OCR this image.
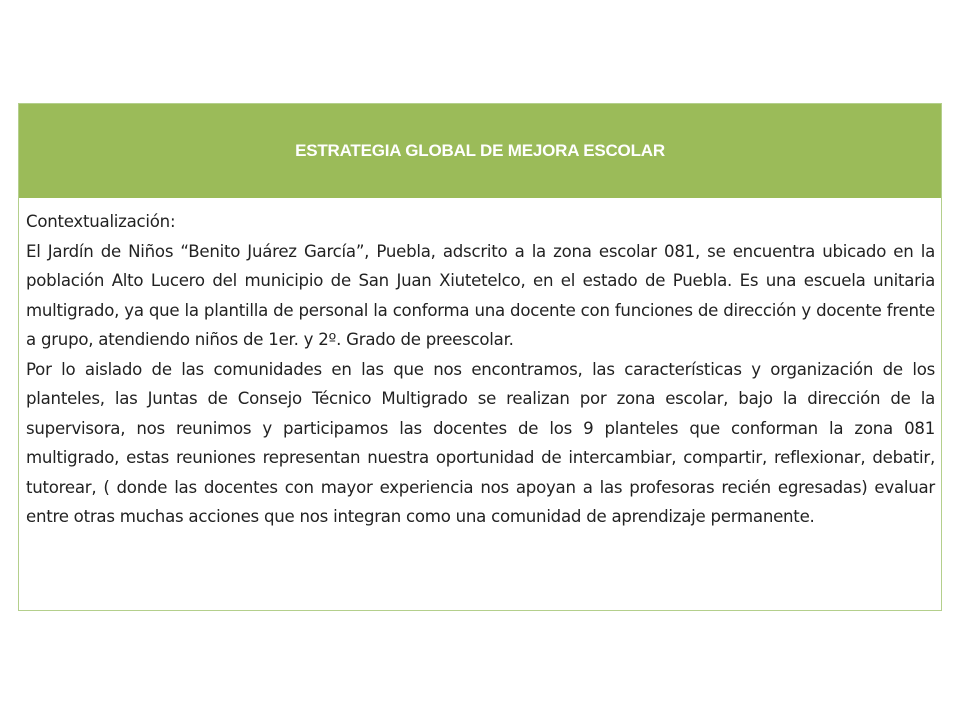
ESTRATEGIA GLOBAL DE MEJORA ESCOLAR

Contextualización:

El Jardín de Niños “Benito Juárez García”, Puebla, adscrito a la zona escolar 081, se encuentra ubicado en la población Alto Lucero del municipio de San Juan Xiutetelco, en el estado de Puebla. Es una escuela unitaria multigrado, ya que la plantilla de personal la conforma una docente con funciones de dirección y docente frente a grupo, atendiendo niños de 1er. y 2º. Grado de preescolar.

Por lo aislado de las comunidades en las que nos encontramos, las características y organización de los planteles, las Juntas de Consejo Técnico Multigrado se realizan por zona escolar, bajo la dirección de la supervisora, nos reunimos y participamos las docentes de los 9 planteles que conforman la zona 081 multigrado, estas reuniones representan nuestra oportunidad de intercambiar, compartir, reflexionar, debatir, tutorear, ( donde las docentes con mayor experiencia nos apoyan a las profesoras recién egresadas) evaluar entre otras muchas acciones que nos integran como una comunidad de aprendizaje permanente.
